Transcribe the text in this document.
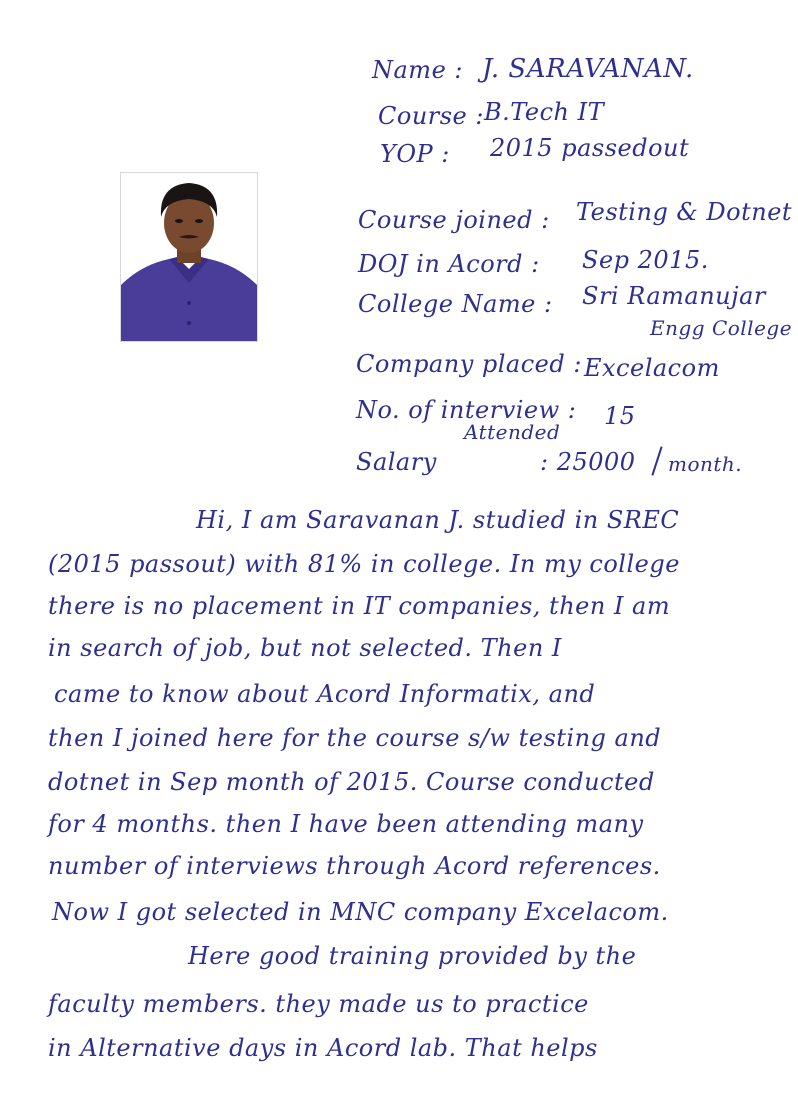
Name : J. SARAVANAN.
Course : B.Tech IT
YOP : 2015 passedout
Course joined : Testing & Dotnet
DOJ in Acord : Sep 2015.
College Name : Sri Ramanujar
Engg College
Company placed : Excelacom
No. of interview :
Attended
15
Salary	: 25000 month.
Hi, I am Saravanan J. studied in SREC
(2015 passout) with 81% in college. In my college
there is no placement in IT companies, then I am
in search of job, but not selected. Then I
came to know about Acord Informatix, and
then I joined here for the course s/w testing and
dotnet in Sep month of 2015. Course conducted
for 4 months. then I have been attending many
number of interviews through Acord references.
Now I got selected in MNC company Excelacom.
Here good training provided by the
faculty members. they made us to practice
in Alternative days in Acord lab. That helps
